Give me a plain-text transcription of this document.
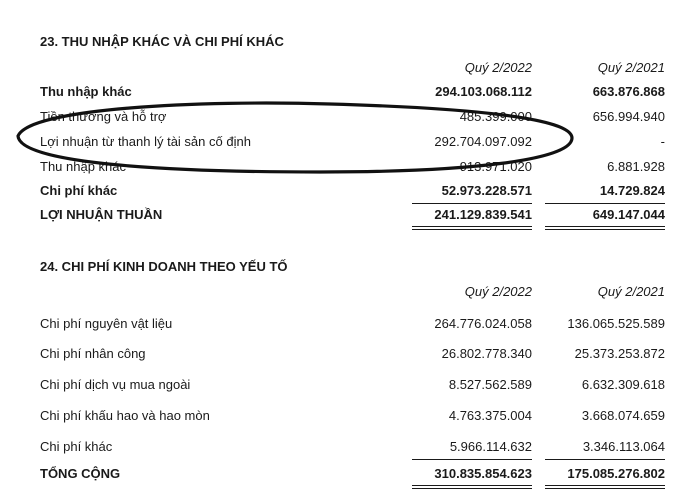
23. THU NHẬP KHÁC VÀ CHI PHÍ KHÁC
Quý 2/2022	Quý 2/2021
Thu nhập khác	294.103.068.112	663.876.868
Tiền thưởng và hỗ trợ	485.399.000	656.994.940
Lợi nhuận từ thanh lý tài sản cố định	292.704.097.092	-
Thu nhập khác	913.971.020	6.881.928
Chi phí khác	52.973.228.571	14.729.824
LỢI NHUẬN THUẦN	241.129.839.541	649.147.044
24. CHI PHÍ KINH DOANH THEO YẾU TỐ
Quý 2/2022	Quý 2/2021
Chi phí nguyên vật liệu	264.776.024.058	136.065.525.589
Chi phí nhân công	26.802.778.340	25.373.253.872
Chi phí dịch vụ mua ngoài	8.527.562.589	6.632.309.618
Chi phí khấu hao và hao mòn	4.763.375.004	3.668.074.659
Chi phí khác	5.966.114.632	3.346.113.064
TỔNG CỘNG	310.835.854.623	175.085.276.802
